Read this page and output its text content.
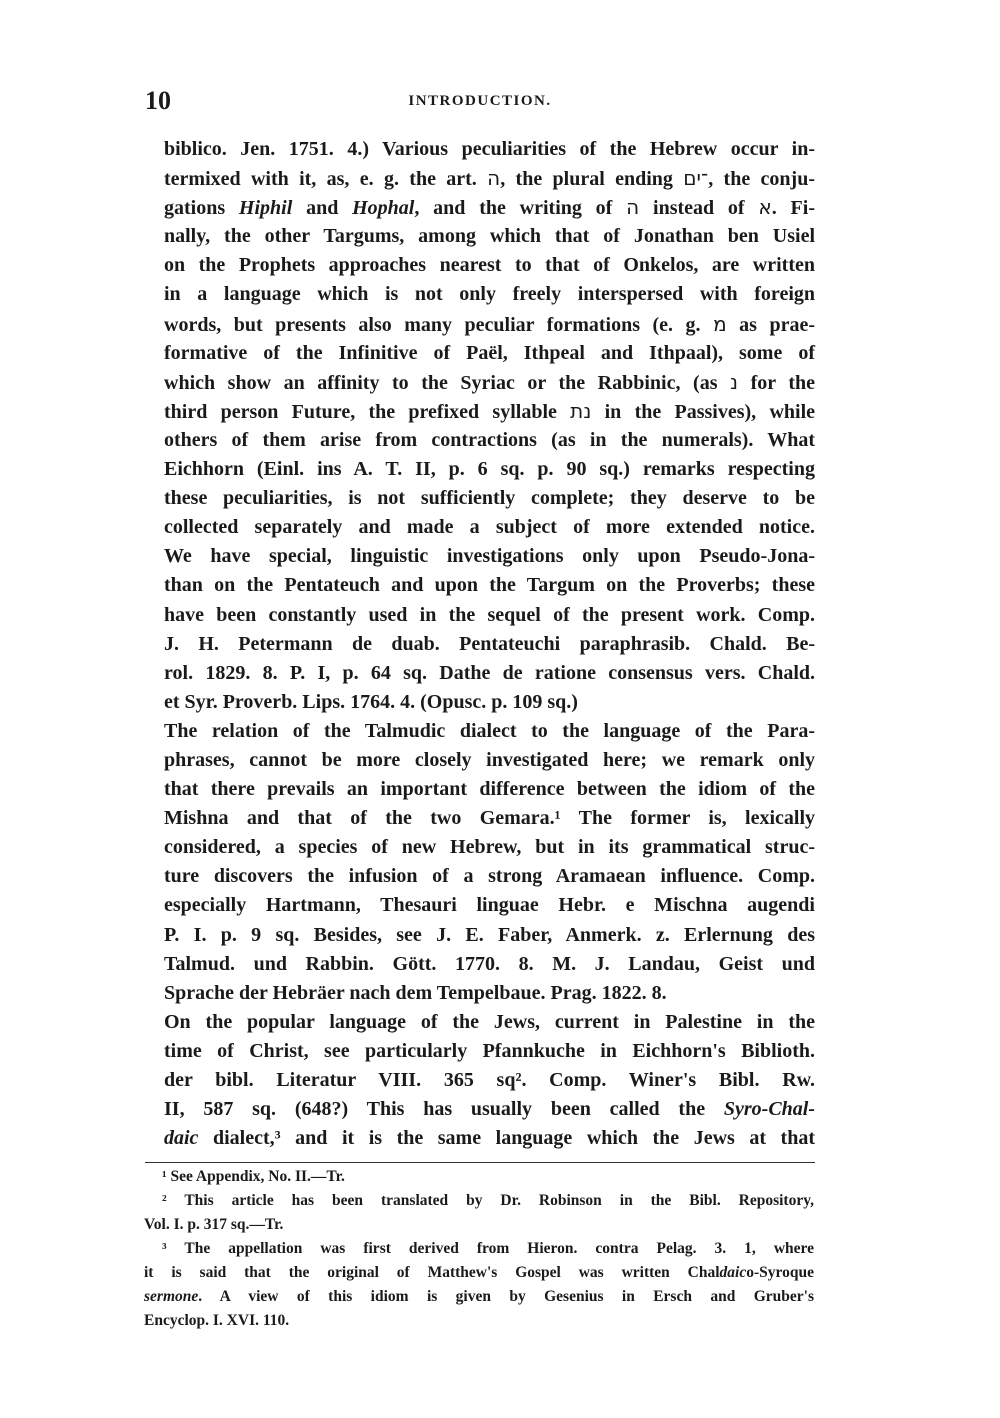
10	INTRODUCTION.
biblico. Jen. 1751. 4.) Various peculiarities of the Hebrew occur in-
termixed with it, as, e. g. the art. ה, the plural ending ־ים, the conju-
gations Hiphil and Hophal, and the writing of ה instead of א. Fi-
nally, the other Targums, among which that of Jonathan ben Usiel
on the Prophets approaches nearest to that of Onkelos, are written
in a language which is not only freely interspersed with foreign
words, but presents also many peculiar formations (e. g. מ as prae-
formative of the Infinitive of Paël, Ithpeal and Ithpaal), some of
which show an affinity to the Syriac or the Rabbinic, (as נ for the
third person Future, the prefixed syllable נת in the Passives), while
others of them arise from contractions (as in the numerals). What
Eichhorn (Einl. ins A. T. II, p. 6 sq. p. 90 sq.) remarks respecting
these peculiarities, is not sufficiently complete; they deserve to be
collected separately and made a subject of more extended notice.
We have special, linguistic investigations only upon Pseudo-Jona-
than on the Pentateuch and upon the Targum on the Proverbs; these
have been constantly used in the sequel of the present work. Comp.
J. H. Petermann de duab. Pentateuchi paraphrasib. Chald. Be-
rol. 1829. 8. P. I, p. 64 sq. Dathe de ratione consensus vers. Chald.
et Syr. Proverb. Lips. 1764. 4. (Opusc. p. 109 sq.)
The relation of the Talmudic dialect to the language of the Para-
phrases, cannot be more closely investigated here; we remark only
that there prevails an important difference between the idiom of the
Mishna and that of the two Gemara.¹ The former is, lexically
considered, a species of new Hebrew, but in its grammatical struc-
ture discovers the infusion of a strong Aramaean influence. Comp.
especially Hartmann, Thesauri linguae Hebr. e Mischna augendi
P. I. p. 9 sq. Besides, see J. E. Faber, Anmerk. z. Erlernung des
Talmud. und Rabbin. Gött. 1770. 8. M. J. Landau, Geist und
Sprache der Hebräer nach dem Tempelbaue. Prag. 1822. 8.
On the popular language of the Jews, current in Palestine in the
time of Christ, see particularly Pfannkuche in Eichhorn's Biblioth.
der bibl. Literatur VIII. 365 sq². Comp. Winer's Bibl. Rw.
II, 587 sq. (648?) This has usually been called the Syro-Chal-
daic dialect,³ and it is the same language which the Jews at that
¹ See Appendix, No. II.—Tr.
² This article has been translated by Dr. Robinson in the Bibl. Repository,
Vol. I. p. 317 sq.—Tr.
³ The appellation was first derived from Hieron. contra Pelag. 3. 1, where
it is said that the original of Matthew's Gospel was written Chaldaico-Syroque
sermone. A view of this idiom is given by Gesenius in Ersch and Gruber's
Encyclop. I. XVI. 110.
